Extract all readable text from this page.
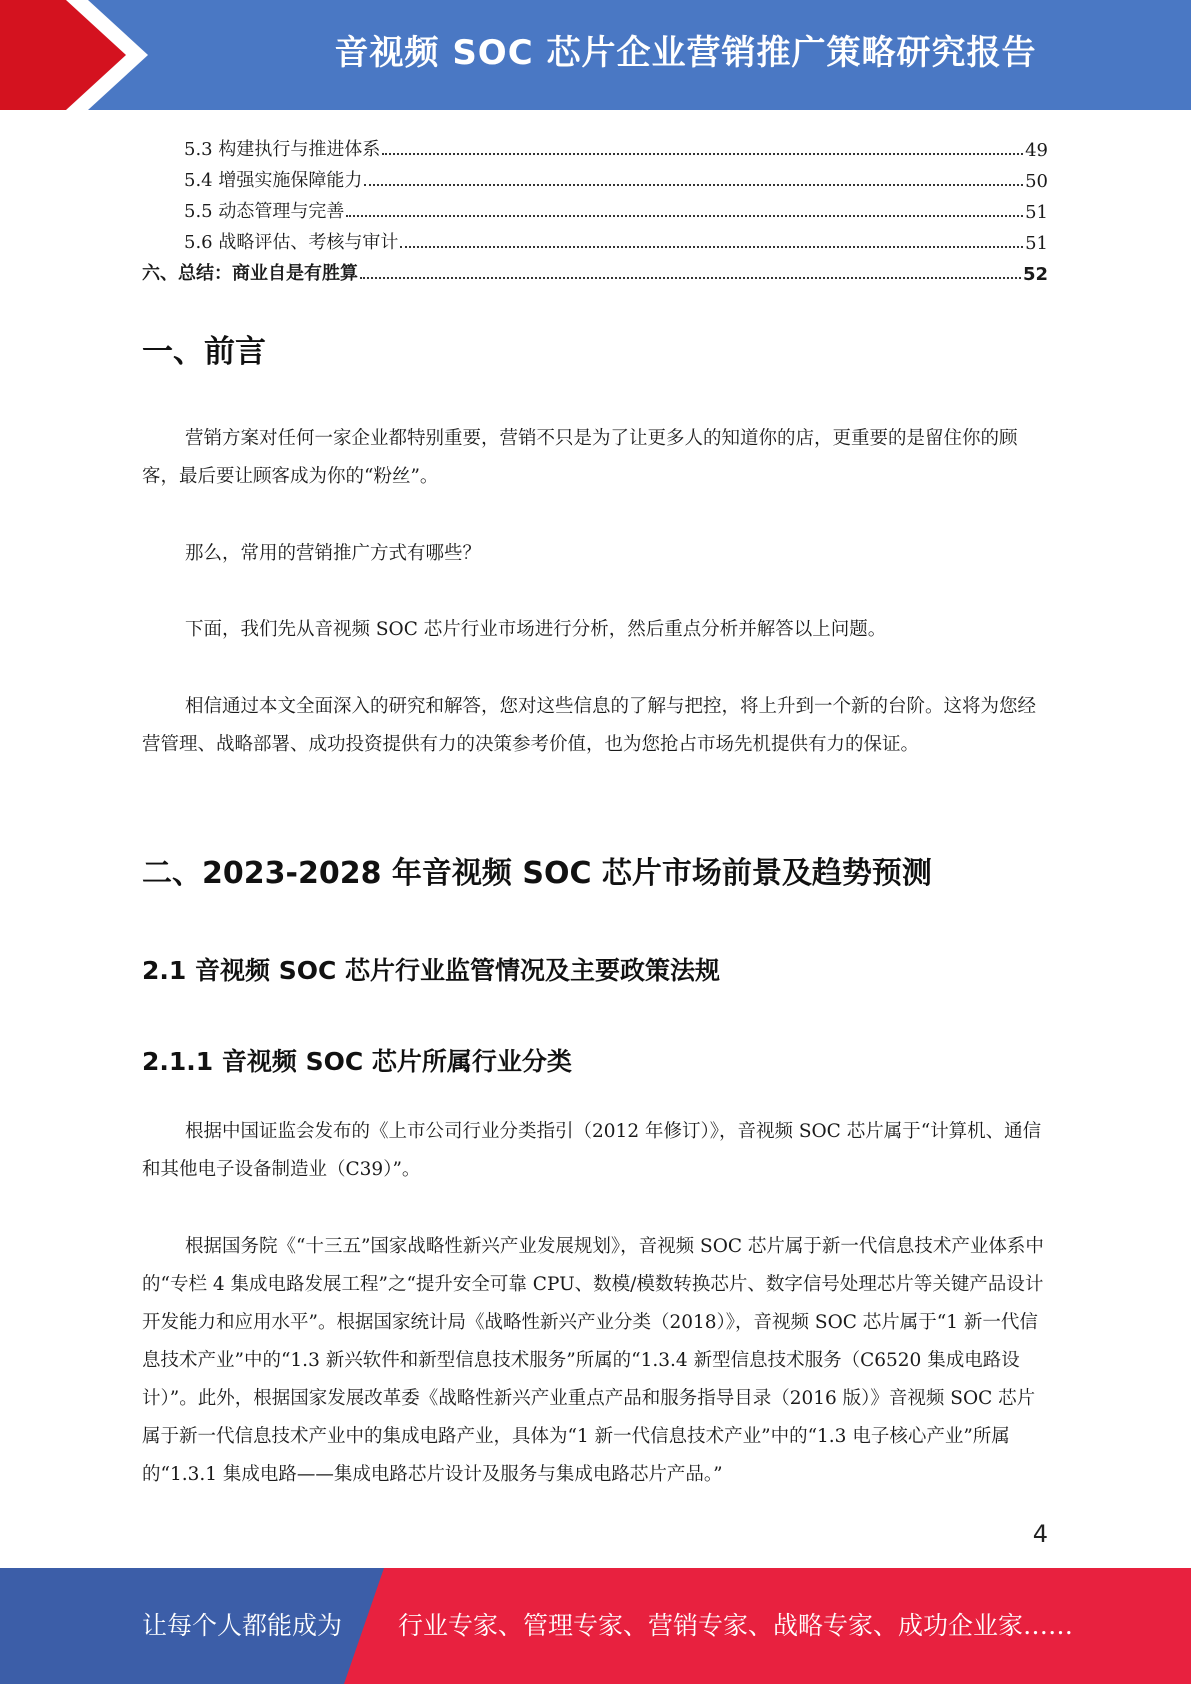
音视频 SOC 芯片企业营销推广策略研究报告
5.3 构建执行与推进体系	49
5.4 增强实施保障能力	50
5.5 动态管理与完善	51
5.6 战略评估、考核与审计	51
六、总结：商业自是有胜算	52
一、前言

营销方案对任何一家企业都特别重要，营销不只是为了让更多人的知道你的店，更重要的是留住你的顾客，最后要让顾客成为你的“粉丝”。

那么，常用的营销推广方式有哪些？

下面，我们先从音视频 SOC 芯片行业市场进行分析，然后重点分析并解答以上问题。

相信通过本文全面深入的研究和解答，您对这些信息的了解与把控，将上升到一个新的台阶。这将为您经营管理、战略部署、成功投资提供有力的决策参考价值，也为您抢占市场先机提供有力的保证。

二、2023-2028 年音视频 SOC 芯片市场前景及趋势预测
2.1 音视频 SOC 芯片行业监管情况及主要政策法规
2.1.1 音视频 SOC 芯片所属行业分类

根据中国证监会发布的《上市公司行业分类指引（2012 年修订）》，音视频 SOC 芯片属于“计算机、通信和其他电子设备制造业（C39）”。

根据国务院《“十三五”国家战略性新兴产业发展规划》，音视频 SOC 芯片属于新一代信息技术产业体系中的“专栏 4 集成电路发展工程”之“提升安全可靠 CPU、数模/模数转换芯片、数字信号处理芯片等关键产品设计开发能力和应用水平”。根据国家统计局《战略性新兴产业分类（2018）》，音视频 SOC 芯片属于“1 新一代信息技术产业”中的“1.3 新兴软件和新型信息技术服务”所属的“1.3.4 新型信息技术服务（C6520 集成电路设计）”。此外，根据国家发展改革委《战略性新兴产业重点产品和服务指导目录（2016 版）》音视频 SOC 芯片属于新一代信息技术产业中的集成电路产业，具体为“1 新一代信息技术产业”中的“1.3 电子核心产业”所属的“1.3.1 集成电路——集成电路芯片设计及服务与集成电路芯片产品。”

4
让每个人都能成为 行业专家、管理专家、营销专家、战略专家、成功企业家……
